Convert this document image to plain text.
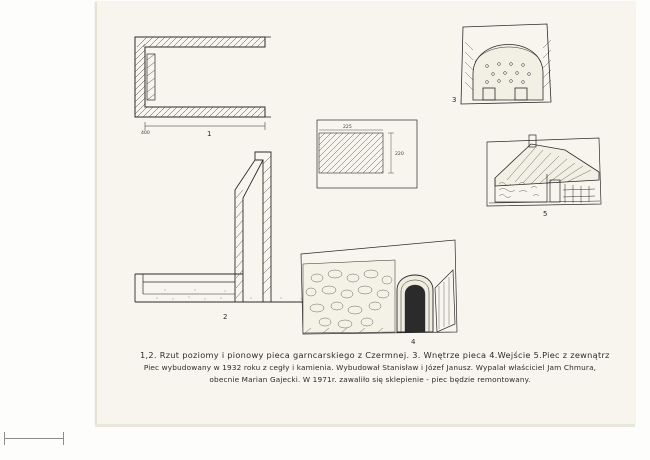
400	1
225
220
2
3
5
4
1,2. Rzut poziomy i pionowy pieca garncarskiego z Czermnej. 3. Wnętrze pieca 4.Wejście 5.Piec z zewnątrz
Piec wybudowany w 1932 roku z cegły i kamienia. Wybudował Stanisław i Józef Janusz. Wypalał właściciel Jam Chmura,
obecnie Marian Gajecki. W 1971r. zawaliło się sklepienie - piec będzie remontowany.
